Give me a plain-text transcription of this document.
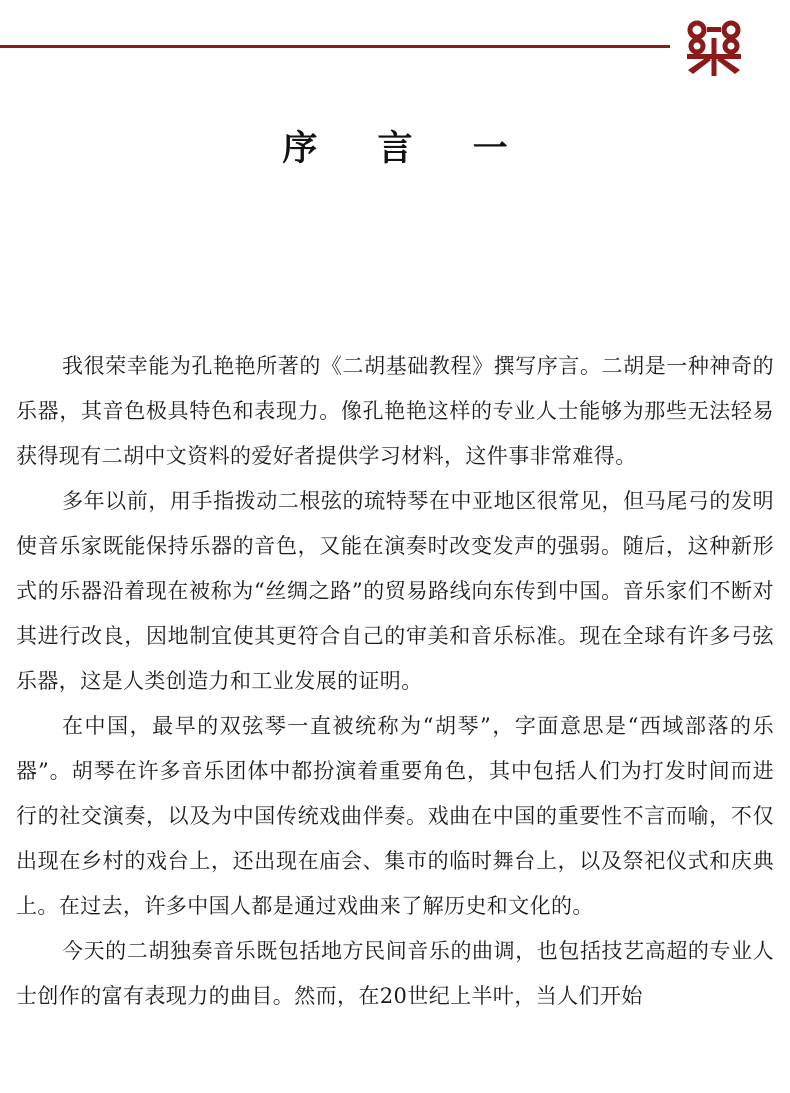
序 言 一

我很荣幸能为孔艳艳所著的《二胡基础教程》撰写序言。二胡是一种神奇的乐器，其音色极具特色和表现力。像孔艳艳这样的专业人士能够为那些无法轻易获得现有二胡中文资料的爱好者提供学习材料，这件事非常难得。

多年以前，用手指拨动二根弦的琉特琴在中亚地区很常见，但马尾弓的发明使音乐家既能保持乐器的音色，又能在演奏时改变发声的强弱。随后，这种新形式的乐器沿着现在被称为“丝绸之路”的贸易路线向东传到中国。音乐家们不断对其进行改良，因地制宜使其更符合自己的审美和音乐标准。现在全球有许多弓弦乐器，这是人类创造力和工业发展的证明。

在中国，最早的双弦琴一直被统称为“胡琴”，字面意思是“西域部落的乐器”。胡琴在许多音乐团体中都扮演着重要角色，其中包括人们为打发时间而进行的社交演奏，以及为中国传统戏曲伴奏。戏曲在中国的重要性不言而喻，不仅出现在乡村的戏台上，还出现在庙会、集市的临时舞台上，以及祭祀仪式和庆典上。在过去，许多中国人都是通过戏曲来了解历史和文化的。

今天的二胡独奏音乐既包括地方民间音乐的曲调，也包括技艺高超的专业人士创作的富有表现力的曲目。然而，在20世纪上半叶，当人们开始
